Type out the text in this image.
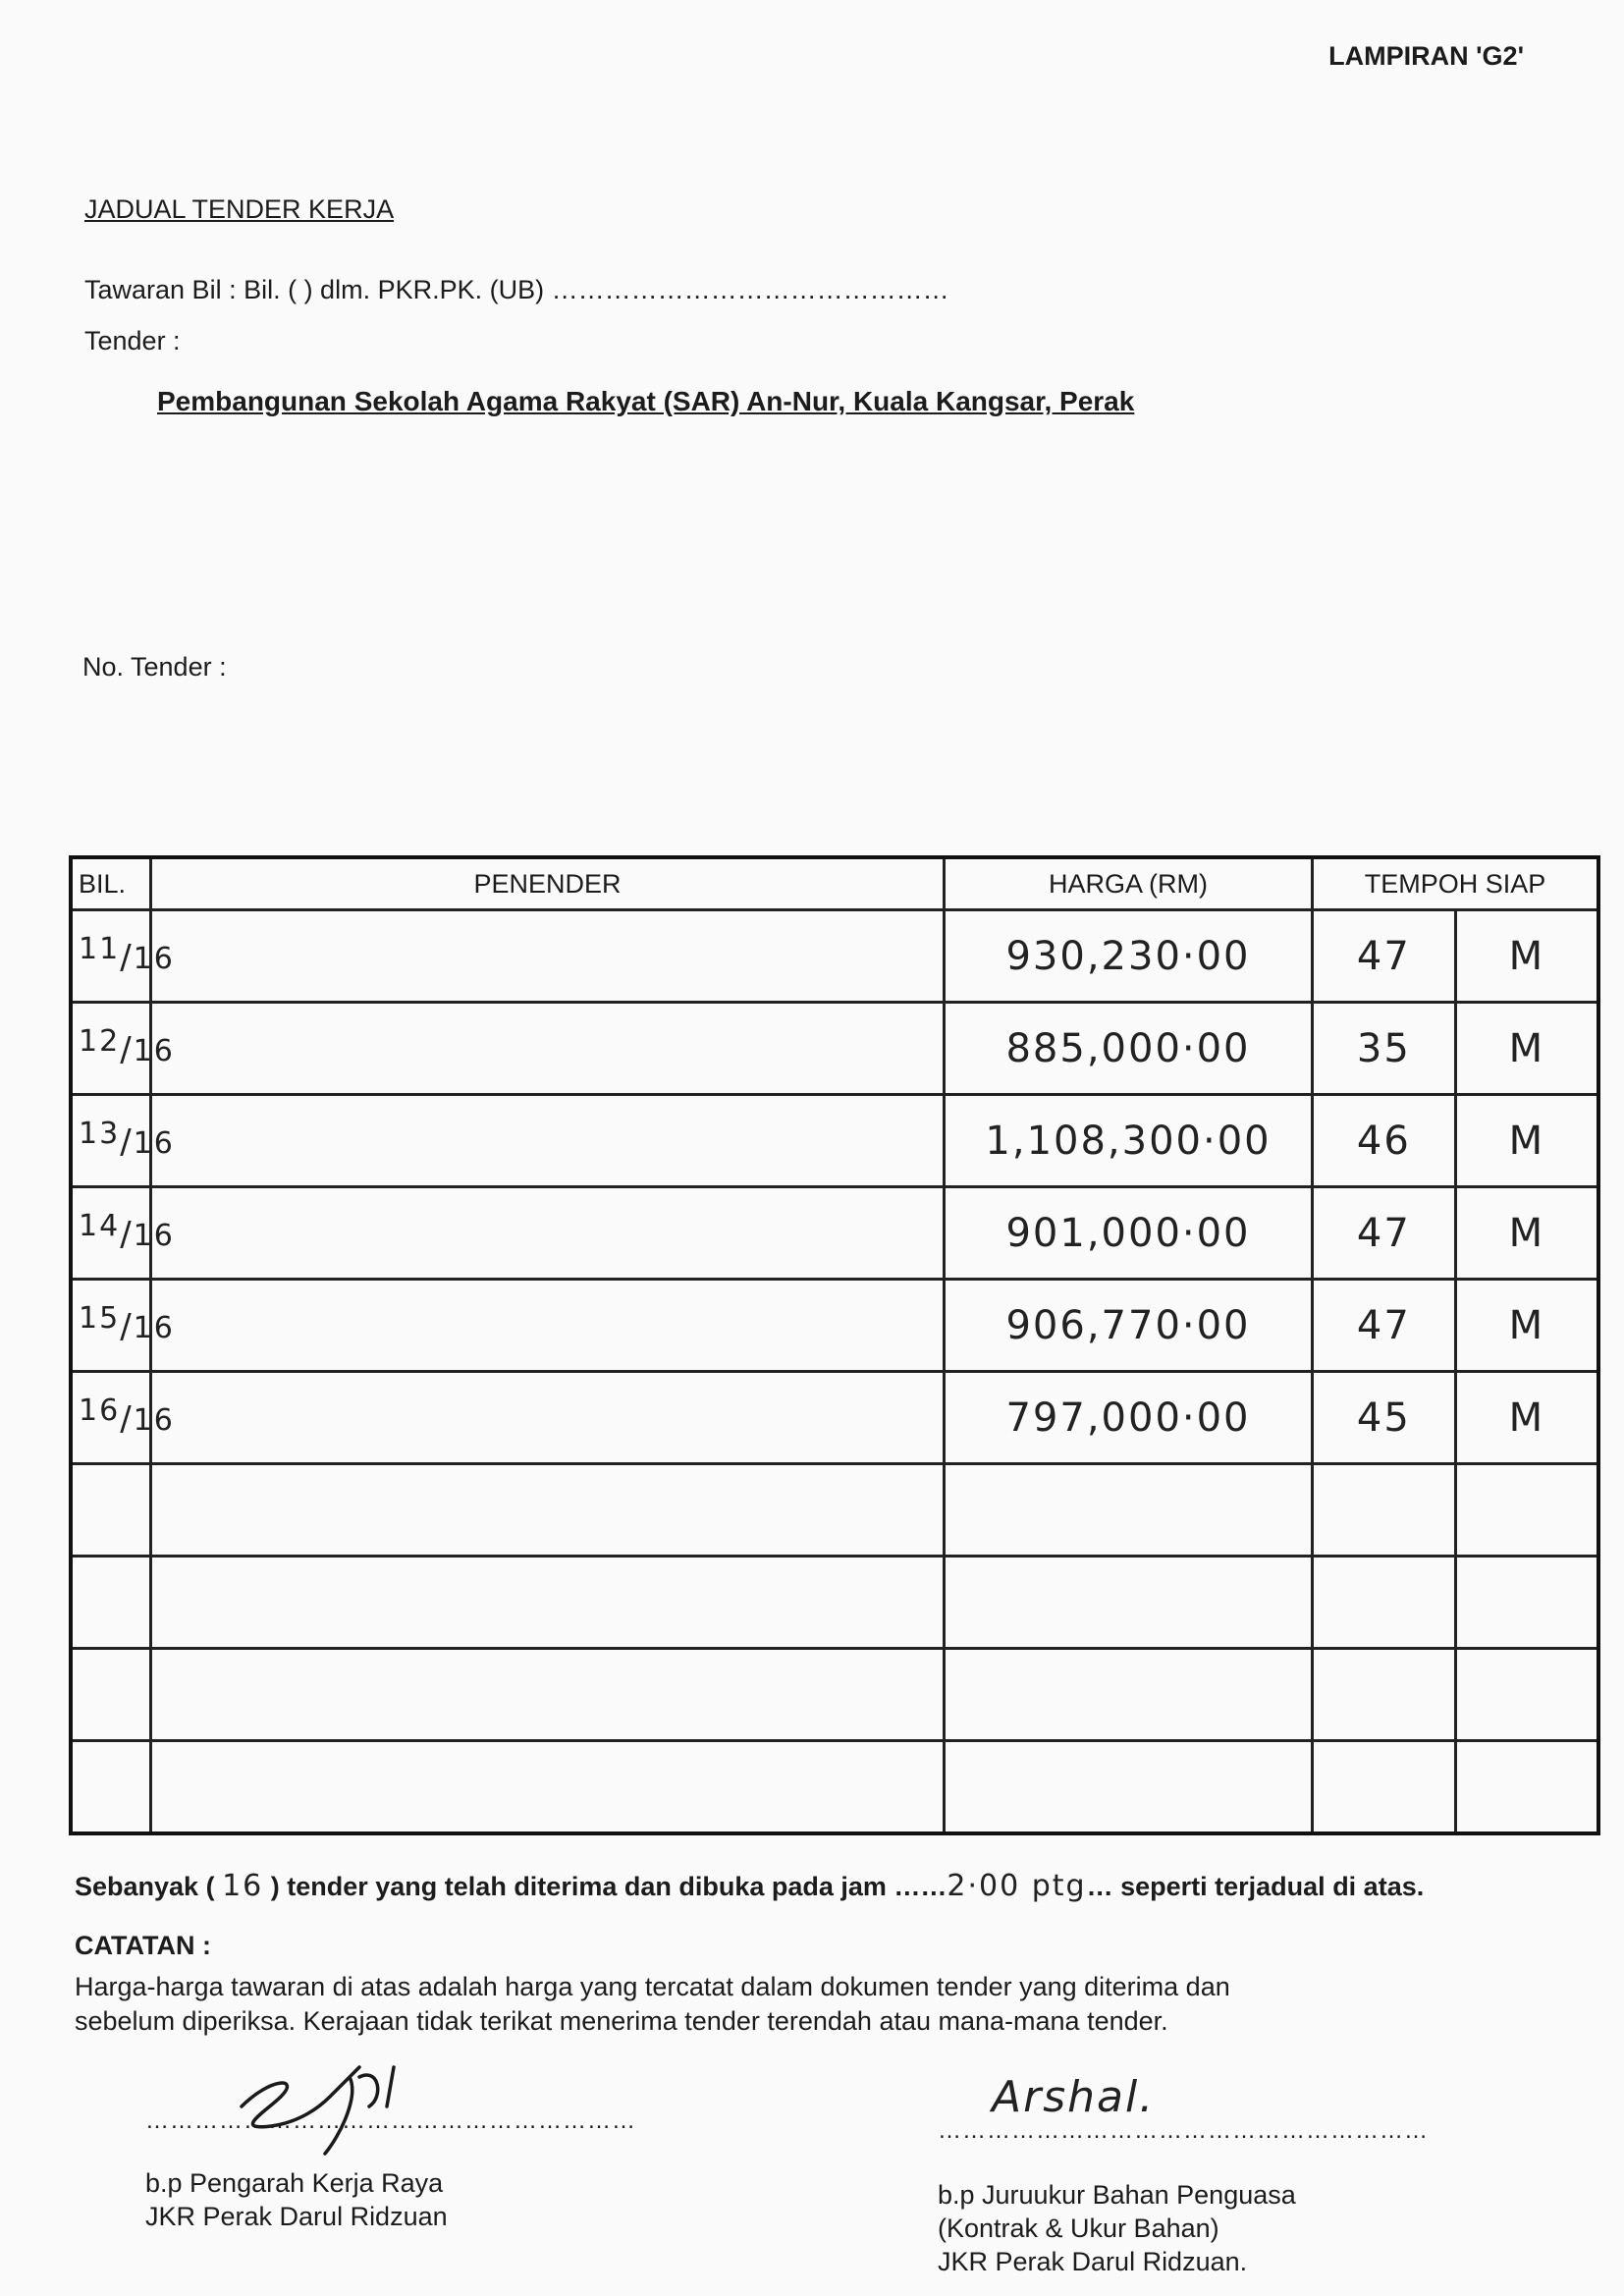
LAMPIRAN 'G2'
JADUAL TENDER KERJA
Tawaran Bil : Bil. ( ) dlm. PKR.PK. (UB) ………………………………………
Tender :
Pembangunan Sekolah Agama Rakyat (SAR) An-Nur, Kuala Kangsar, Perak
No. Tender :
BIL.	PENENDER	HARGA (RM)	TEMPOH SIAP	
$^{11}$/16		930,230·00	47	M
$^{12}$/16		885,000·00	35	M
$^{13}$/16		1,108,300·00	46	M
$^{14}$/16		901,000·00	47	M
$^{15}$/16		906,770·00	47	M
$^{16}$/16		797,000·00	45	M

Sebanyak ( 16 ) tender yang telah diterima dan dibuka pada jam ……2·00 ptg… seperti terjadual di atas.
CATATAN :
Harga-harga tawaran di atas adalah harga yang tercatat dalam dokumen tender yang diterima dan
sebelum diperiksa. Kerajaan tidak terikat menerima tender terendah atau mana-mana tender.
……………………………………………………	Arshal.
……………………………………………………
b.p Pengarah Kerja Raya
JKR Perak Darul Ridzuan
b.p Juruukur Bahan Penguasa
(Kontrak & Ukur Bahan)
JKR Perak Darul Ridzuan.
